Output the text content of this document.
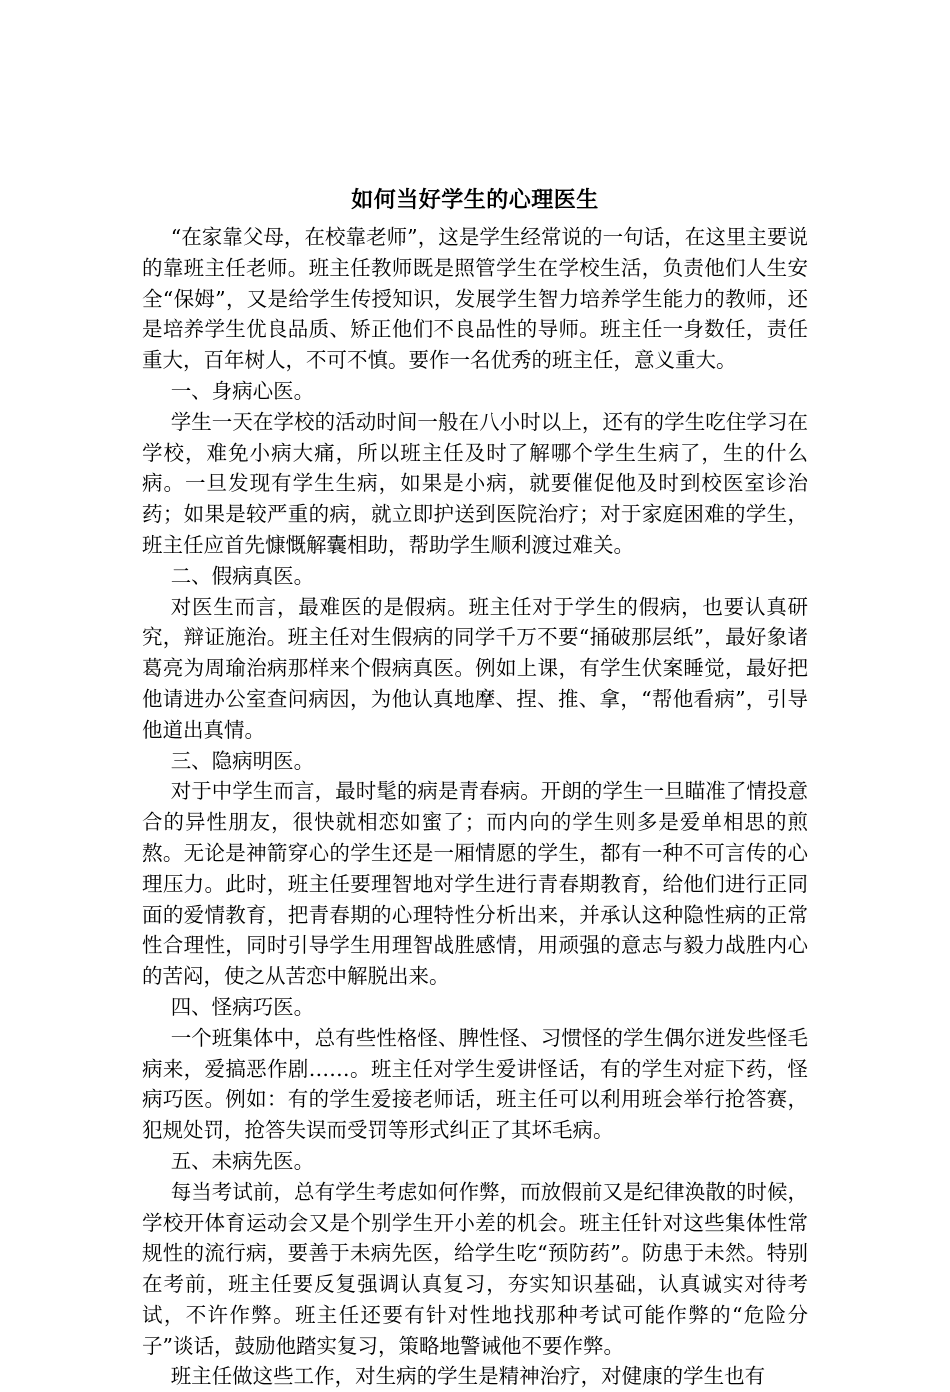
如何当好学生的心理医生

“在家靠父母，在校靠老师”，这是学生经常说的一句话，在这里主要说的靠班主任老师。班主任教师既是照管学生在学校生活，负责他们人生安全“保姆”，又是给学生传授知识，发展学生智力培养学生能力的教师，还是培养学生优良品质、矫正他们不良品性的导师。班主任一身数任，责任重大，百年树人，不可不慎。要作一名优秀的班主任，意义重大。

一、身病心医。

学生一天在学校的活动时间一般在八小时以上，还有的学生吃住学习在学校，难免小病大痛，所以班主任及时了解哪个学生生病了，生的什么病。一旦发现有学生生病，如果是小病，就要催促他及时到校医室诊治药；如果是较严重的病，就立即护送到医院治疗；对于家庭困难的学生，班主任应首先慷慨解囊相助，帮助学生顺利渡过难关。

二、假病真医。

对医生而言，最难医的是假病。班主任对于学生的假病，也要认真研究，辩证施治。班主任对生假病的同学千万不要“捅破那层纸”，最好象诸葛亮为周瑜治病那样来个假病真医。例如上课，有学生伏案睡觉，最好把他请进办公室查问病因，为他认真地摩、捏、推、拿，“帮他看病”，引导他道出真情。

三、隐病明医。

对于中学生而言，最时髦的病是青春病。开朗的学生一旦瞄准了情投意合的异性朋友，很快就相恋如蜜了；而内向的学生则多是爱单相思的煎熬。无论是神箭穿心的学生还是一厢情愿的学生，都有一种不可言传的心理压力。此时，班主任要理智地对学生进行青春期教育，给他们进行正同面的爱情教育，把青春期的心理特性分析出来，并承认这种隐性病的正常性合理性，同时引导学生用理智战胜感情，用顽强的意志与毅力战胜内心的苦闷，使之从苦恋中解脱出来。

四、怪病巧医。

一个班集体中，总有些性格怪、脾性怪、习惯怪的学生偶尔迸发些怪毛病来，爱搞恶作剧……。班主任对学生爱讲怪话，有的学生对症下药，怪病巧医。例如：有的学生爱接老师话，班主任可以利用班会举行抢答赛，犯规处罚，抢答失误而受罚等形式纠正了其坏毛病。

五、未病先医。

每当考试前，总有学生考虑如何作弊，而放假前又是纪律涣散的时候，学校开体育运动会又是个别学生开小差的机会。班主任针对这些集体性常规性的流行病，要善于未病先医，给学生吃“预防药”。防患于未然。特别在考前，班主任要反复强调认真复习，夯实知识基础，认真诚实对待考试，不许作弊。班主任还要有针对性地找那种考试可能作弊的“危险分子”谈话，鼓励他踏实复习，策略地警诫他不要作弊。

班主任做这些工作，对生病的学生是精神治疗，对健康的学生也有
